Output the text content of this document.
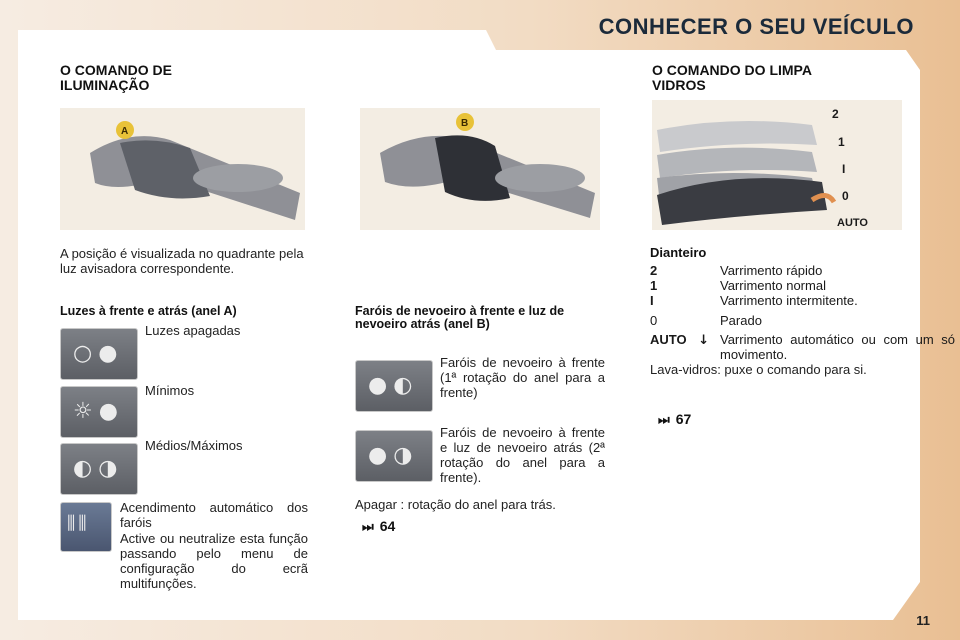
CONHECER O SEU VEÍCULO
O COMANDO DE
ILUMINAÇÃO
A
B
A posição é visualizada no quadrante pela luz avisadora correspondente.
Luzes à frente e atrás (anel A)
○●
Luzes apagadas
☼●
Mínimos
◐◑
Médios/Máximos
⫼⫼
Acendimento automático dos faróis
Active ou neutralize esta função passando pelo menu de configuração do ecrã multifunções.
Faróis de nevoeiro à frente e luz de nevoeiro atrás (anel B)
●◐
Faróis de nevoeiro à frente (1ª rotação do anel para a frente)
●◑
Faróis de nevoeiro à frente e luz de nevoeiro atrás (2ª rotação do anel para a frente).
Apagar : rotação do anel para trás.
⏭ 64
O COMANDO DO LIMPA
VIDROS
2
1
I
0
AUTO
Dianteiro
2	Varrimento rápido
1	Varrimento normal
I	Varrimento intermitente.
0	Parado
AUTO ↓ Varrimento automático ou com um só movimento.
Lava-vidros: puxe o comando para si.
⏭ 67
11
